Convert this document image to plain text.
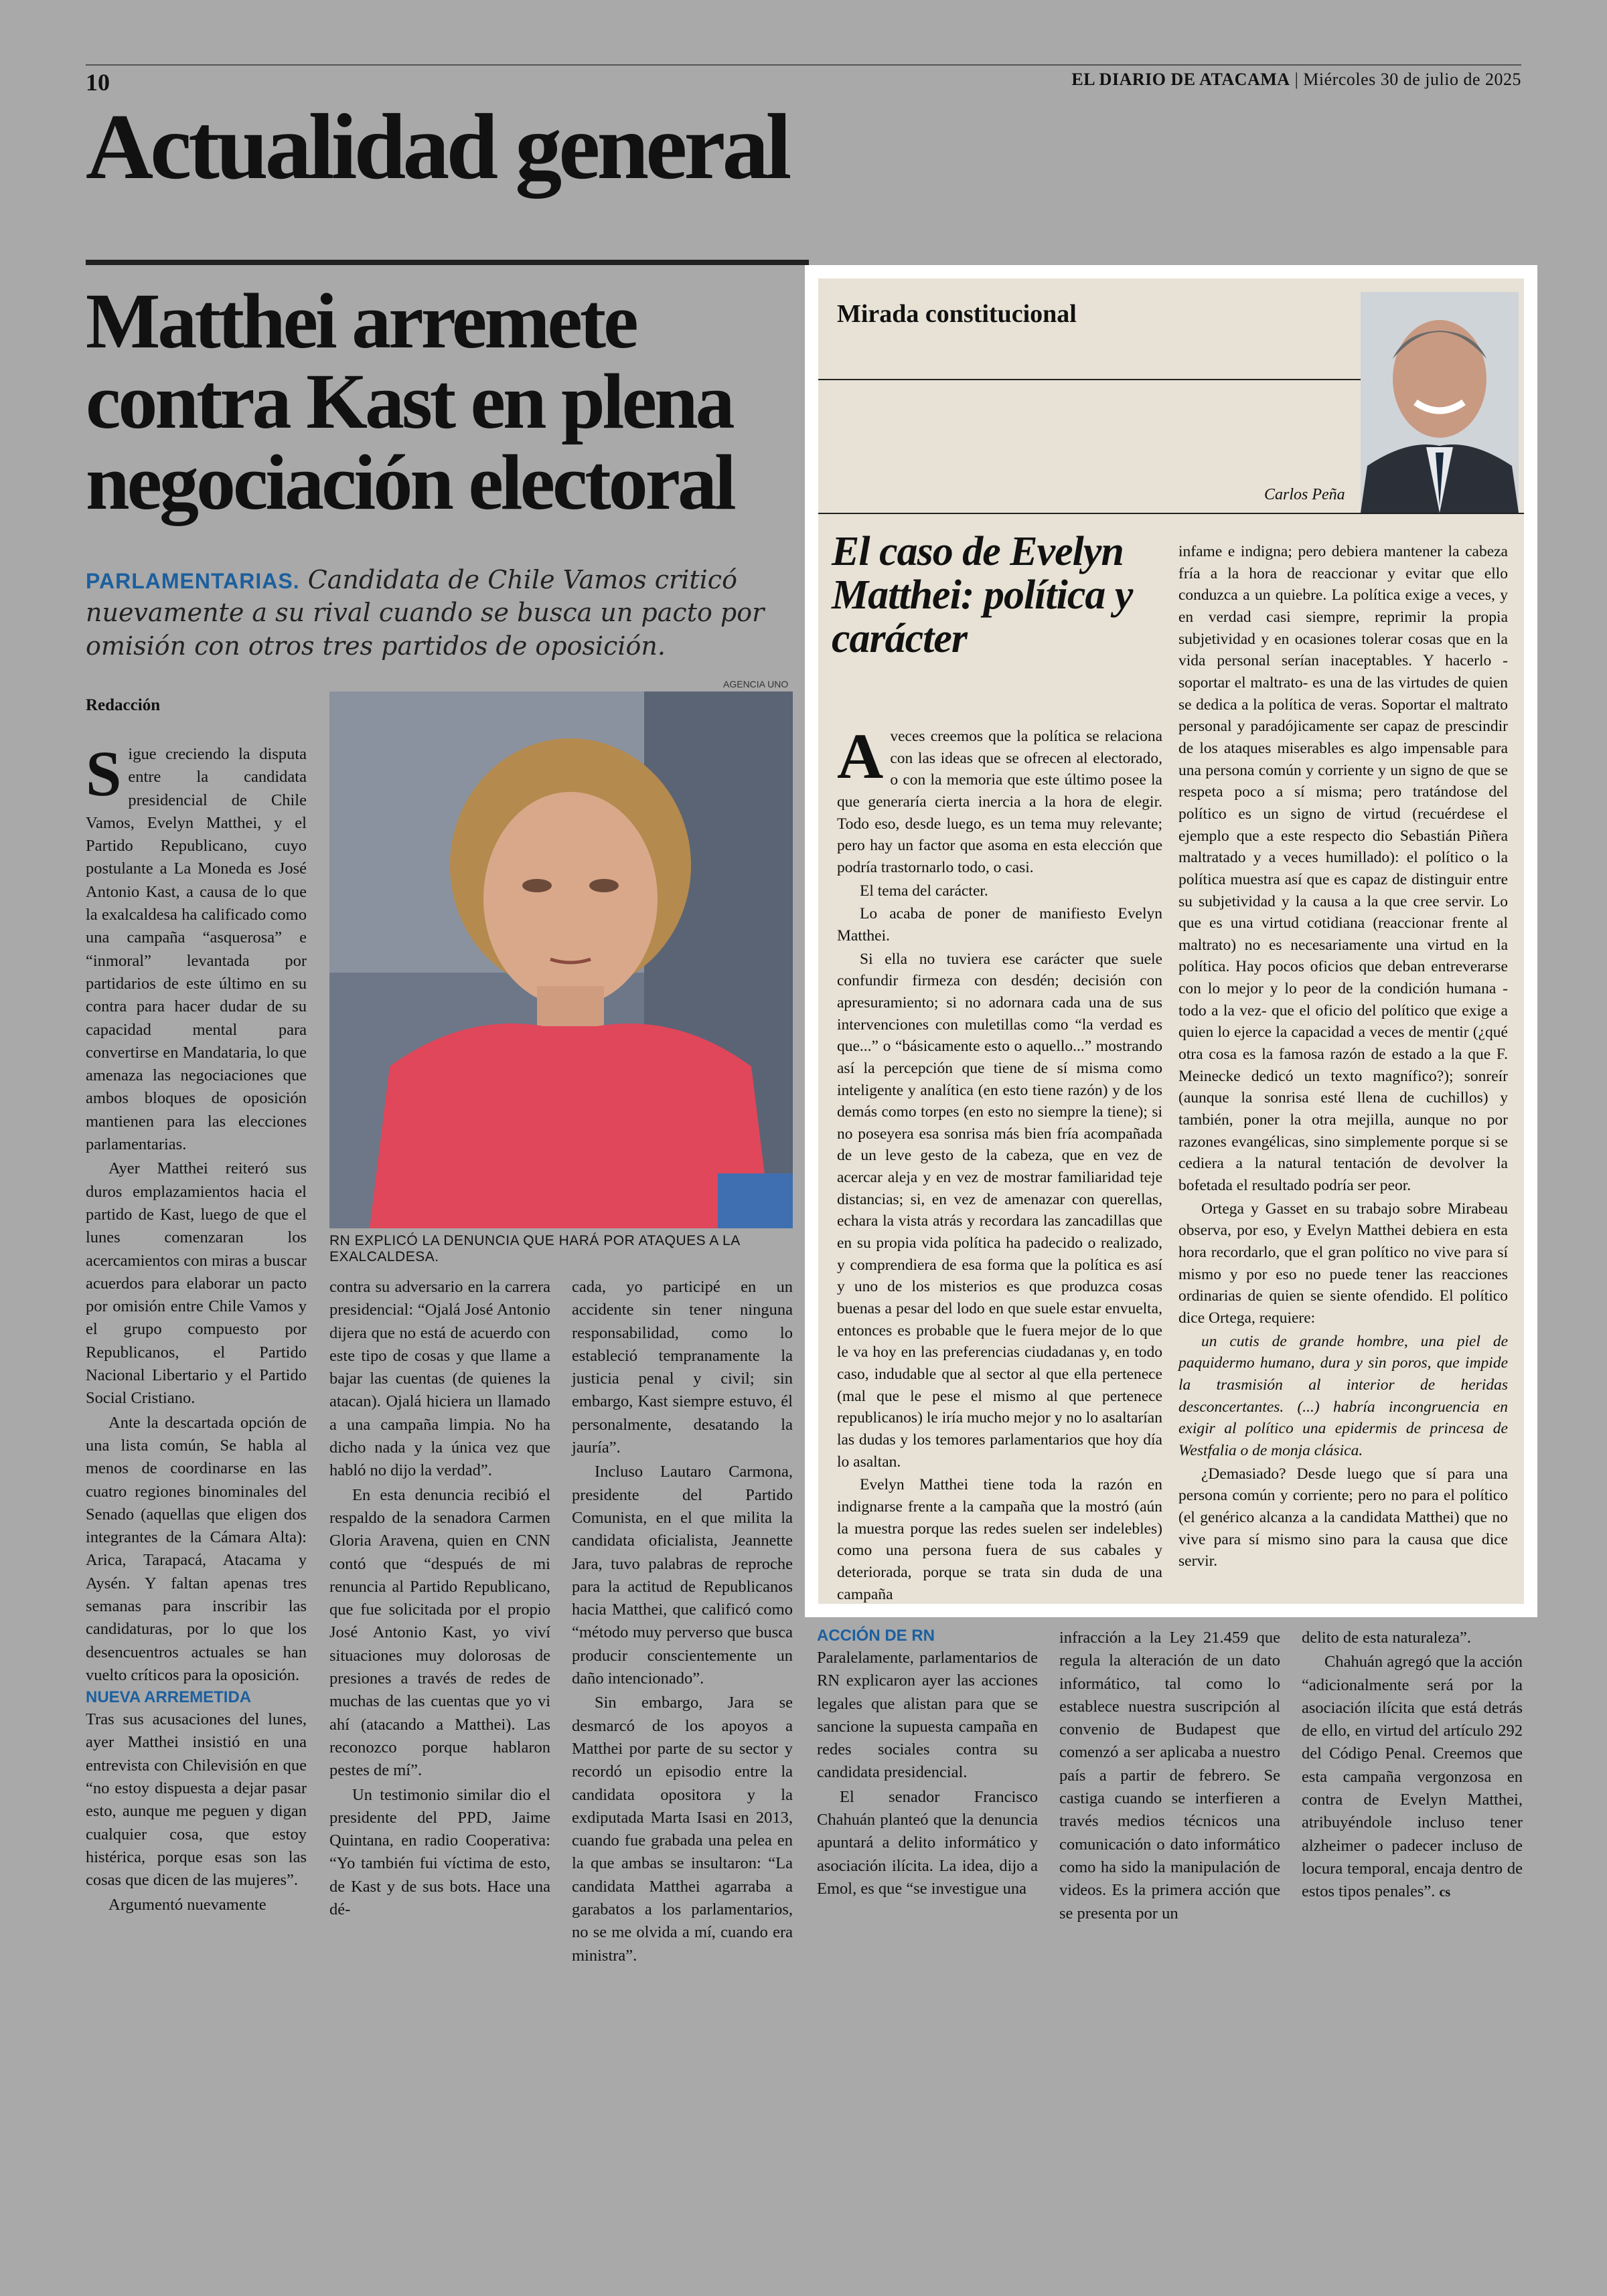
10	EL DIARIO DE ATACAMA | Miércoles 30 de julio de 2025
Actualidad general
Matthei arremete contra Kast en plena negociación electoral
PARLAMENTARIAS. Candidata de Chile Vamos criticó nuevamente a su rival cuando se busca un pacto por omisión con otros tres partidos de oposición.
Redacción

Sigue creciendo la disputa entre la candidata presidencial de Chile Vamos, Evelyn Matthei, y el Partido Republicano, cuyo postulante a La Moneda es José Antonio Kast, a causa de lo que la exalcaldesa ha calificado como una campaña “asquerosa” e “inmoral” levantada por partidarios de este último en su contra para hacer dudar de su capacidad mental para convertirse en Mandataria, lo que amenaza las negociaciones que ambos bloques de oposición mantienen para las elecciones parlamentarias.

Ayer Matthei reiteró sus duros emplazamientos hacia el partido de Kast, luego de que el lunes comenzaran los acercamientos con miras a buscar acuerdos para elaborar un pacto por omisión entre Chile Vamos y el grupo compuesto por Republicanos, el Partido Nacional Libertario y el Partido Social Cristiano.

Ante la descartada opción de una lista común, Se habla al menos de coordinarse en las cuatro regiones binominales del Senado (aquellas que eligen dos integrantes de la Cámara Alta): Arica, Tarapacá, Atacama y Aysén. Y faltan apenas tres semanas para inscribir las candidaturas, por lo que los desencuentros actuales se han vuelto críticos para la oposición.

NUEVA ARREMETIDA

Tras sus acusaciones del lunes, ayer Matthei insistió en una entrevista con Chilevisión en que “no estoy dispuesta a dejar pasar esto, aunque me peguen y digan cualquier cosa, que estoy histérica, porque esas son las cosas que dicen de las mujeres”.

Argumentó nuevamente

AGENCIA UNO
RN EXPLICÓ LA DENUNCIA QUE HARÁ POR ATAQUES A LA EXALCALDESA.

contra su adversario en la carrera presidencial: “Ojalá José Antonio dijera que no está de acuerdo con este tipo de cosas y que llame a bajar las cuentas (de quienes la atacan). Ojalá hiciera un llamado a una campaña limpia. No ha dicho nada y la única vez que habló no dijo la verdad”.

En esta denuncia recibió el respaldo de la senadora Carmen Gloria Aravena, quien en CNN contó que “después de mi renuncia al Partido Republicano, que fue solicitada por el propio José Antonio Kast, yo viví situaciones muy dolorosas de presiones a través de redes de muchas de las cuentas que yo vi ahí (atacando a Matthei). Las reconozco porque hablaron pestes de mí”.

Un testimonio similar dio el presidente del PPD, Jaime Quintana, en radio Cooperativa: “Yo también fui víctima de esto, de Kast y de sus bots. Hace una dé-

cada, yo participé en un accidente sin tener ninguna responsabilidad, como lo estableció tempranamente la justicia penal y civil; sin embargo, Kast siempre estuvo, él personalmente, desatando la jauría”.

Incluso Lautaro Carmona, presidente del Partido Comunista, en el que milita la candidata oficialista, Jeannette Jara, tuvo palabras de reproche para la actitud de Republicanos hacia Matthei, que calificó como “método muy perverso que busca producir conscientemente un daño intencionado”.

Sin embargo, Jara se desmarcó de los apoyos a Matthei por parte de su sector y recordó un episodio entre la candidata opositora y la exdiputada Marta Isasi en 2013, cuando fue grabada una pelea en la que ambas se insultaron: “La candidata Matthei agarraba a garabatos a los parlamentarios, no se me olvida a mí, cuando era ministra”.

Mirada constitucional
Carlos Peña
El caso de Evelyn Matthei: política y carácter

Aveces creemos que la política se relaciona con las ideas que se ofrecen al electorado, o con la memoria que este último posee la que generaría cierta inercia a la hora de elegir. Todo eso, desde luego, es un tema muy relevante; pero hay un factor que asoma en esta elección que podría trastornarlo todo, o casi.

El tema del carácter.

Lo acaba de poner de manifiesto Evelyn Matthei.

Si ella no tuviera ese carácter que suele confundir firmeza con desdén; decisión con apresuramiento; si no adornara cada una de sus intervenciones con muletillas como “la verdad es que...” o “básicamente esto o aquello...” mostrando así la percepción que tiene de sí misma como inteligente y analítica (en esto tiene razón) y de los demás como torpes (en esto no siempre la tiene); si no poseyera esa sonrisa más bien fría acompañada de un leve gesto de la cabeza, que en vez de acercar aleja y en vez de mostrar familiaridad teje distancias; si, en vez de amenazar con querellas, echara la vista atrás y recordara las zancadillas que en su propia vida política ha padecido o realizado, y comprendiera de esa forma que la política es así y uno de los misterios es que produzca cosas buenas a pesar del lodo en que suele estar envuelta, entonces es probable que le fuera mejor de lo que le va hoy en las preferencias ciudadanas y, en todo caso, indudable que al sector al que ella pertenece (mal que le pese el mismo al que pertenece republicanos) le iría mucho mejor y no lo asaltarían las dudas y los temores parlamentarios que hoy día lo asaltan.

Evelyn Matthei tiene toda la razón en indignarse frente a la campaña que la mostró (aún la muestra porque las redes suelen ser indelebles) como una persona fuera de sus cabales y deteriorada, porque se trata sin duda de una campaña

infame e indigna; pero debiera mantener la cabeza fría a la hora de reaccionar y evitar que ello conduzca a un quiebre. La política exige a veces, y en verdad casi siempre, reprimir la propia subjetividad y en ocasiones tolerar cosas que en la vida personal serían inaceptables. Y hacerlo -soportar el maltrato- es una de las virtudes de quien se dedica a la política de veras. Soportar el maltrato personal y paradójicamente ser capaz de prescindir de los ataques miserables es algo impensable para una persona común y corriente y un signo de que se respeta poco a sí misma; pero tratándose del político es un signo de virtud (recuérdese el ejemplo que a este respecto dio Sebastián Piñera maltratado y a veces humillado): el político o la política muestra así que es capaz de distinguir entre su subjetividad y la causa a la que cree servir. Lo que es una virtud cotidiana (reaccionar frente al maltrato) no es necesariamente una virtud en la política. Hay pocos oficios que deban entreverarse con lo mejor y lo peor de la condición humana -todo a la vez- que el oficio del político que exige a quien lo ejerce la capacidad a veces de mentir (¿qué otra cosa es la famosa razón de estado a la que F. Meinecke dedicó un texto magnífico?); sonreír (aunque la sonrisa esté llena de cuchillos) y también, poner la otra mejilla, aunque no por razones evangélicas, sino simplemente porque si se cediera a la natural tentación de devolver la bofetada el resultado podría ser peor.

Ortega y Gasset en su trabajo sobre Mirabeau observa, por eso, y Evelyn Matthei debiera en esta hora recordarlo, que el gran político no vive para sí mismo y por eso no puede tener las reacciones ordinarias de quien se siente ofendido. El político dice Ortega, requiere:

un cutis de grande hombre, una piel de paquidermo humano, dura y sin poros, que impide la trasmisión al interior de heridas desconcertantes. (...) habría incongruencia en exigir al político una epidermis de princesa de Westfalia o de monja clásica.

¿Demasiado? Desde luego que sí para una persona común y corriente; pero no para el político (el genérico alcanza a la candidata Matthei) que no vive para sí mismo sino para la causa que dice servir.

ACCIÓN DE RN

Paralelamente, parlamentarios de RN explicaron ayer las acciones legales que alistan para que se sancione la supuesta campaña en redes sociales contra su candidata presidencial.

El senador Francisco Chahuán planteó que la denuncia apuntará a delito informático y asociación ilícita. La idea, dijo a Emol, es que “se investigue una

infracción a la Ley 21.459 que regula la alteración de un dato informático, tal como lo establece nuestra suscripción al convenio de Budapest que comenzó a ser aplicaba a nuestro país a partir de febrero. Se castiga cuando se interfieren a través medios técnicos una comunicación o dato informático como ha sido la manipulación de videos. Es la primera acción que se presenta por un

delito de esta naturaleza”.

Chahuán agregó que la acción “adicionalmente será por la asociación ilícita que está detrás de ello, en virtud del artículo 292 del Código Penal. Creemos que esta campaña vergonzosa en contra de Evelyn Matthei, atribuyéndole incluso tener alzheimer o padecer incluso de locura temporal, encaja dentro de estos tipos penales”. cs
